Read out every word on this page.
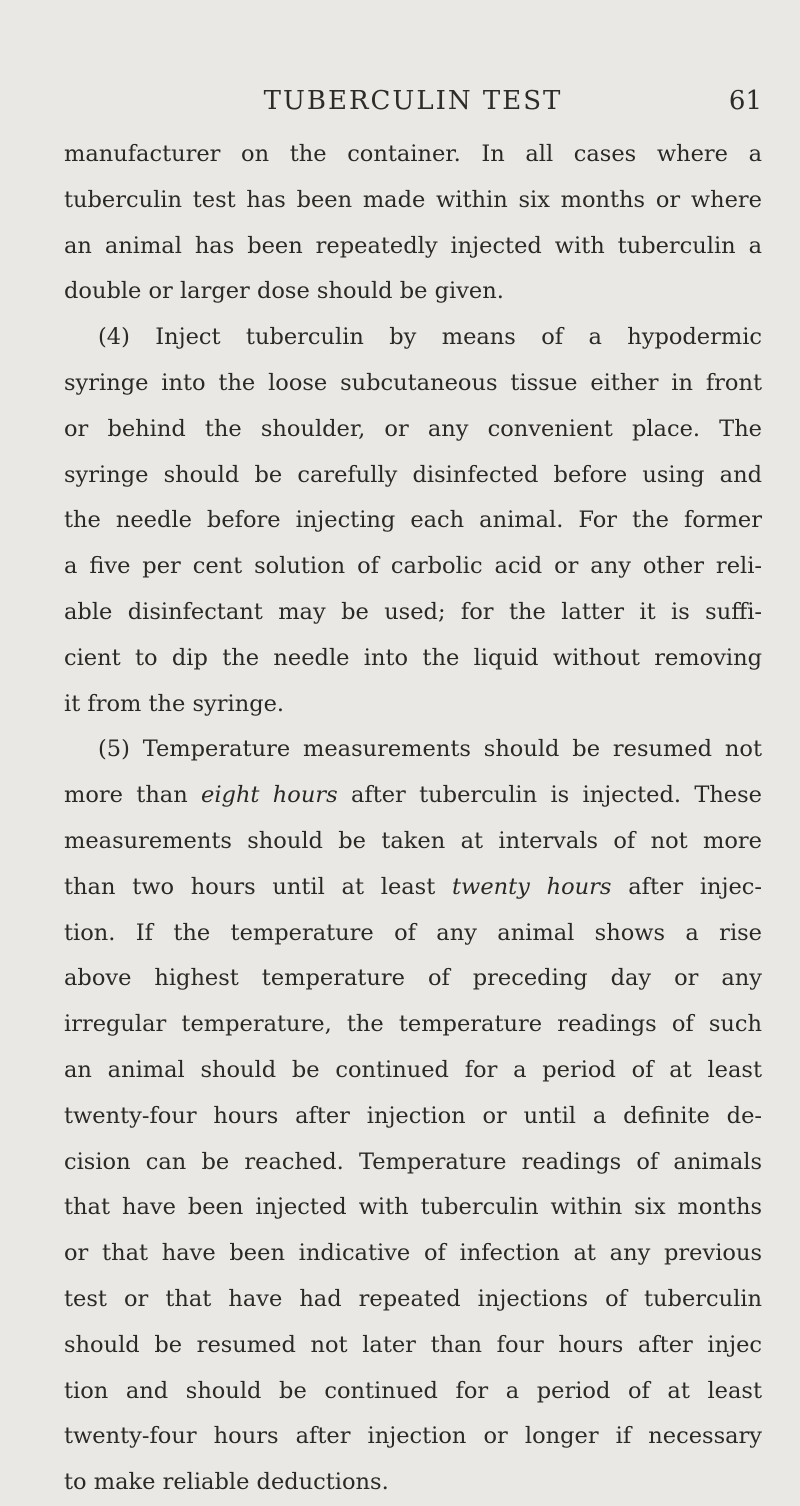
TUBERCULIN TEST	61
manufacturer on the container. In all cases where a
tuberculin test has been made within six months or where
an animal has been repeatedly injected with tuberculin a
double or larger dose should be given.
(4) Inject tuberculin by means of a hypodermic
syringe into the loose subcutaneous tissue either in front
or behind the shoulder, or any convenient place. The
syringe should be carefully disinfected before using and
the needle before injecting each animal. For the former
a five per cent solution of carbolic acid or any other reli-
able disinfectant may be used; for the latter it is suffi-
cient to dip the needle into the liquid without removing
it from the syringe.
(5) Temperature measurements should be resumed not
more than eight hours after tuberculin is injected. These
measurements should be taken at intervals of not more
than two hours until at least twenty hours after injec-
tion. If the temperature of any animal shows a rise
above highest temperature of preceding day or any
irregular temperature, the temperature readings of such
an animal should be continued for a period of at least
twenty-four hours after injection or until a definite de-
cision can be reached. Temperature readings of animals
that have been injected with tuberculin within six months
or that have been indicative of infection at any previous
test or that have had repeated injections of tuberculin
should be resumed not later than four hours after injec
tion and should be continued for a period of at least
twenty-four hours after injection or longer if necessary
to make reliable deductions.
